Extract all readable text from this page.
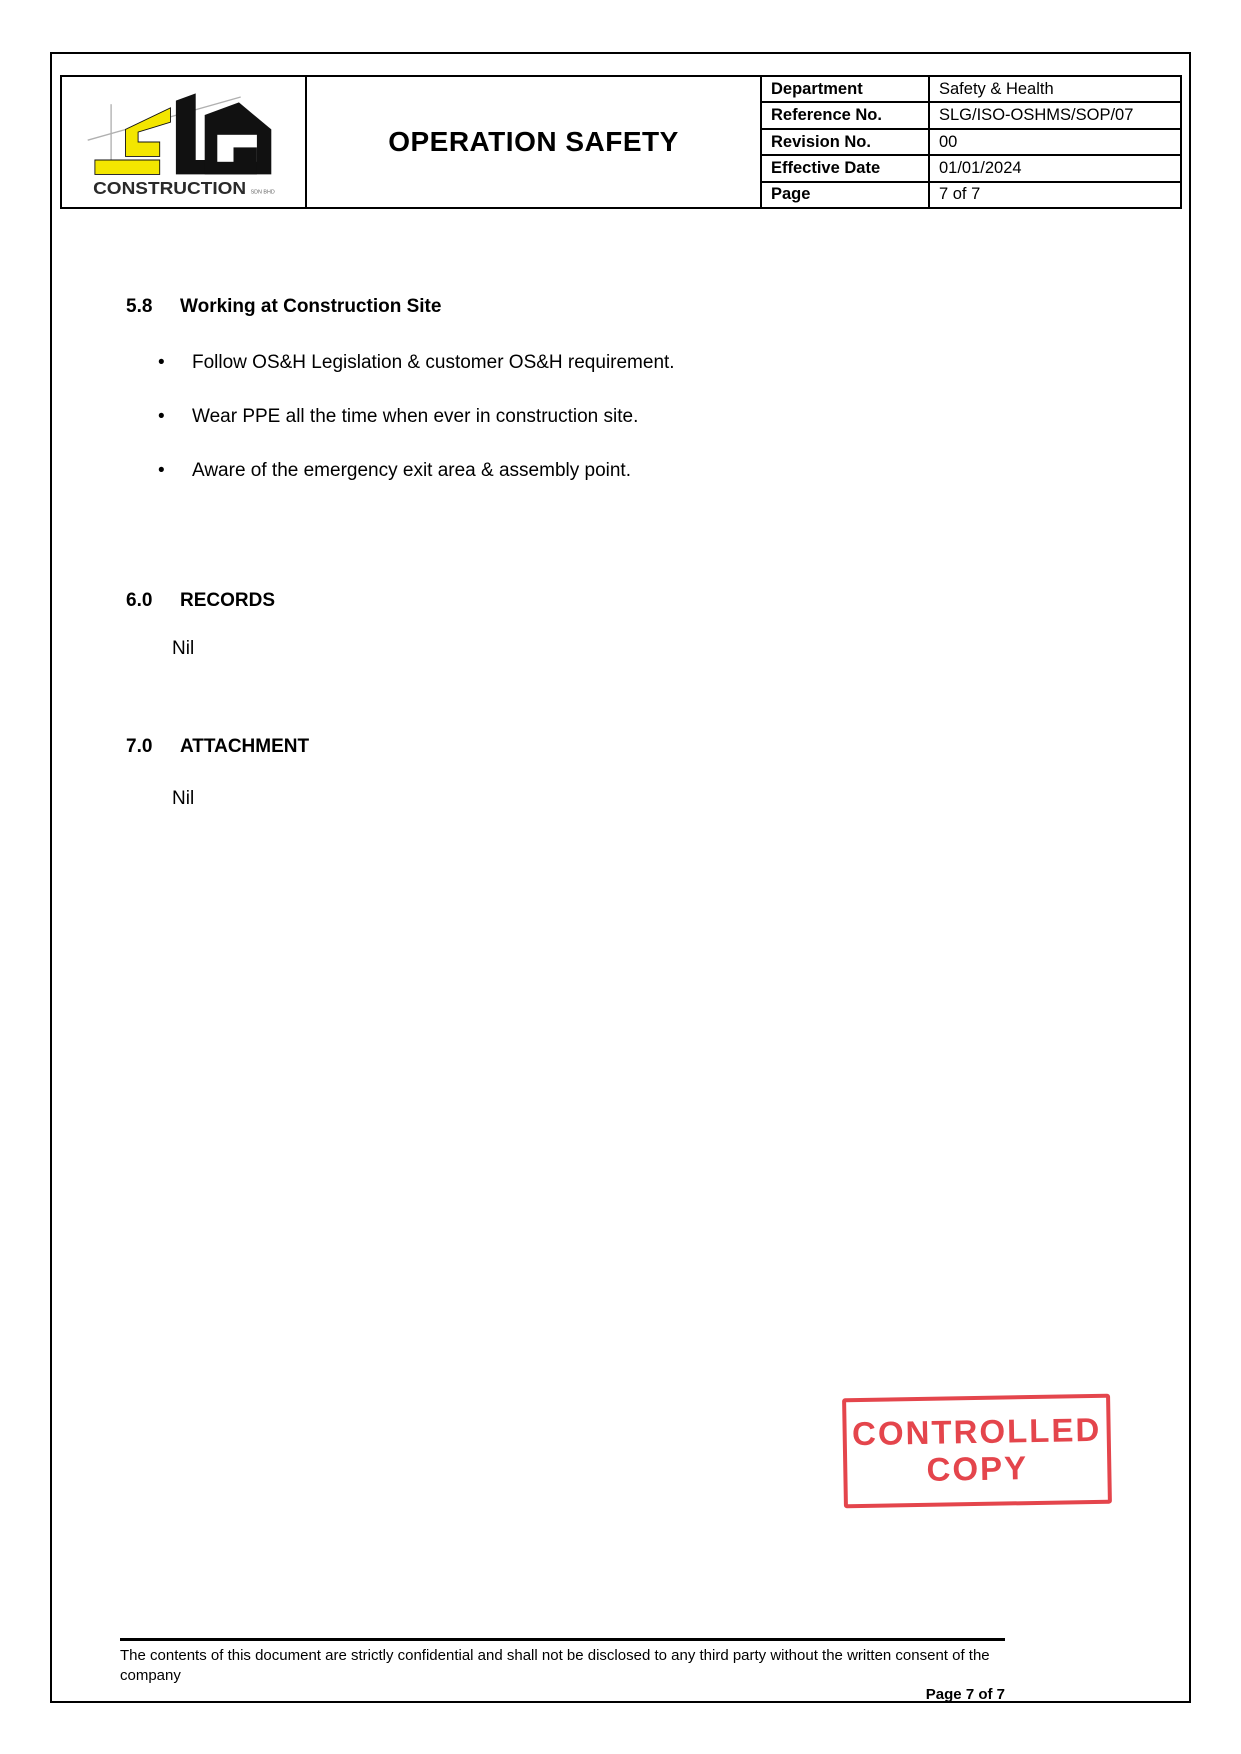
CONSTRUCTION SDN BHD
OPERATION SAFETY
Department	Safety & Health
Reference No.	SLG/ISO-OSHMS/SOP/07
Revision No.	00
Effective Date	01/01/2024
Page	7 of 7
5.8	Working at Construction Site
•	Follow OS&H Legislation & customer OS&H requirement.
•	Wear PPE all the time when ever in construction site.
•	Aware of the emergency exit area & assembly point.
6.0	RECORDS
Nil
7.0	ATTACHMENT
Nil
CONTROLLED
COPY
The contents of this document are strictly confidential and shall not be disclosed to any third party without the written consent of the
company
Page 7 of 7
